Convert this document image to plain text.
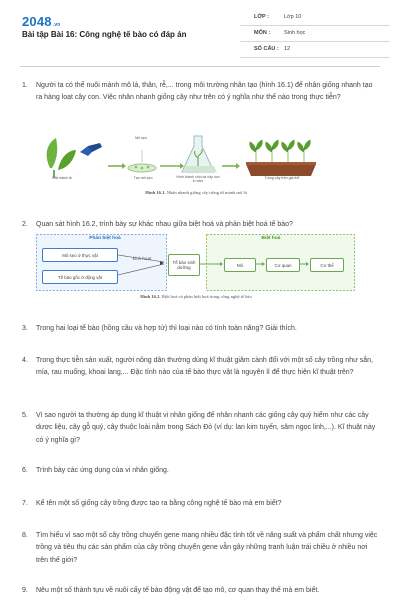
2048.vn
Bài tập Bài 16: Công nghệ tế bào có đáp án
LỚP :	Lớp 10
MÔN :	Sinh học
SỐ CÂU : 12
1. Người ta có thể nuôi mảnh mô lá, thân, rễ,... trong môi trường nhân tạo (hình 16.1) để nhân giống nhanh tạo ra hàng loạt cây con. Việc nhân nhanh giống cây như trên có ý nghĩa như thế nào trong thực tiễn?
Cắt mảnh lá
Mô sẹo
Tạo mô sẹo	Hình thành chồi và cây con in vitro
Trồng cây trên giá thể
Hình 16.1. Nhân nhanh giống cây trồng từ mảnh mô lá
2. Quan sát hình 16.2, trình bày sự khác nhau giữa biệt hoá và phản biệt hoá tế bào?
Phản biệt hoá	Biệt hoá
Mô sẹo ở thực vật
Tế bào gốc ở động vật
kích hoạt
Tế bào sinh dưỡng	Mô	Cơ quan	Cơ thể
Hình 16.2. Biệt hoá và phản biệt hoá trong công nghệ tế bào
3. Trong hai loại tế bào (hồng cầu và hợp tử) thì loại nào có tính toàn năng? Giải thích.
4. Trong thực tiễn sản xuất, người nông dân thường dùng kĩ thuật giâm cành đối với một số cây trồng như sắn, mía, rau muống, khoai lang,... Đặc tính nào của tế bào thực vật là nguyên lí để thực hiện kĩ thuật trên?
5. Vì sao người ta thường áp dụng kĩ thuật vi nhân giống để nhân nhanh các giống cây quý hiếm như các cây dược liệu, cây gỗ quý, cây thuộc loài nằm trong Sách Đỏ (ví dụ: lan kim tuyến, sâm ngọc linh,...). Kĩ thuật này có ý nghĩa gì?
6. Trình bày các ứng dụng của vi nhân giống.
7. Kể tên một số giống cây trồng được tạo ra bằng công nghệ tế bào mà em biết?
8. Tìm hiểu vì sao một số cây trồng chuyển gene mang nhiều đặc tính tốt về năng suất và phẩm chất nhưng việc trồng và tiêu thụ các sản phẩm của cây trồng chuyển gene vẫn gây những tranh luận trái chiều ở nhiều nơi trên thế giới?
9. Nêu một số thành tựu về nuôi cấy tế bào động vật để tạo mô, cơ quan thay thế mà em biết.
